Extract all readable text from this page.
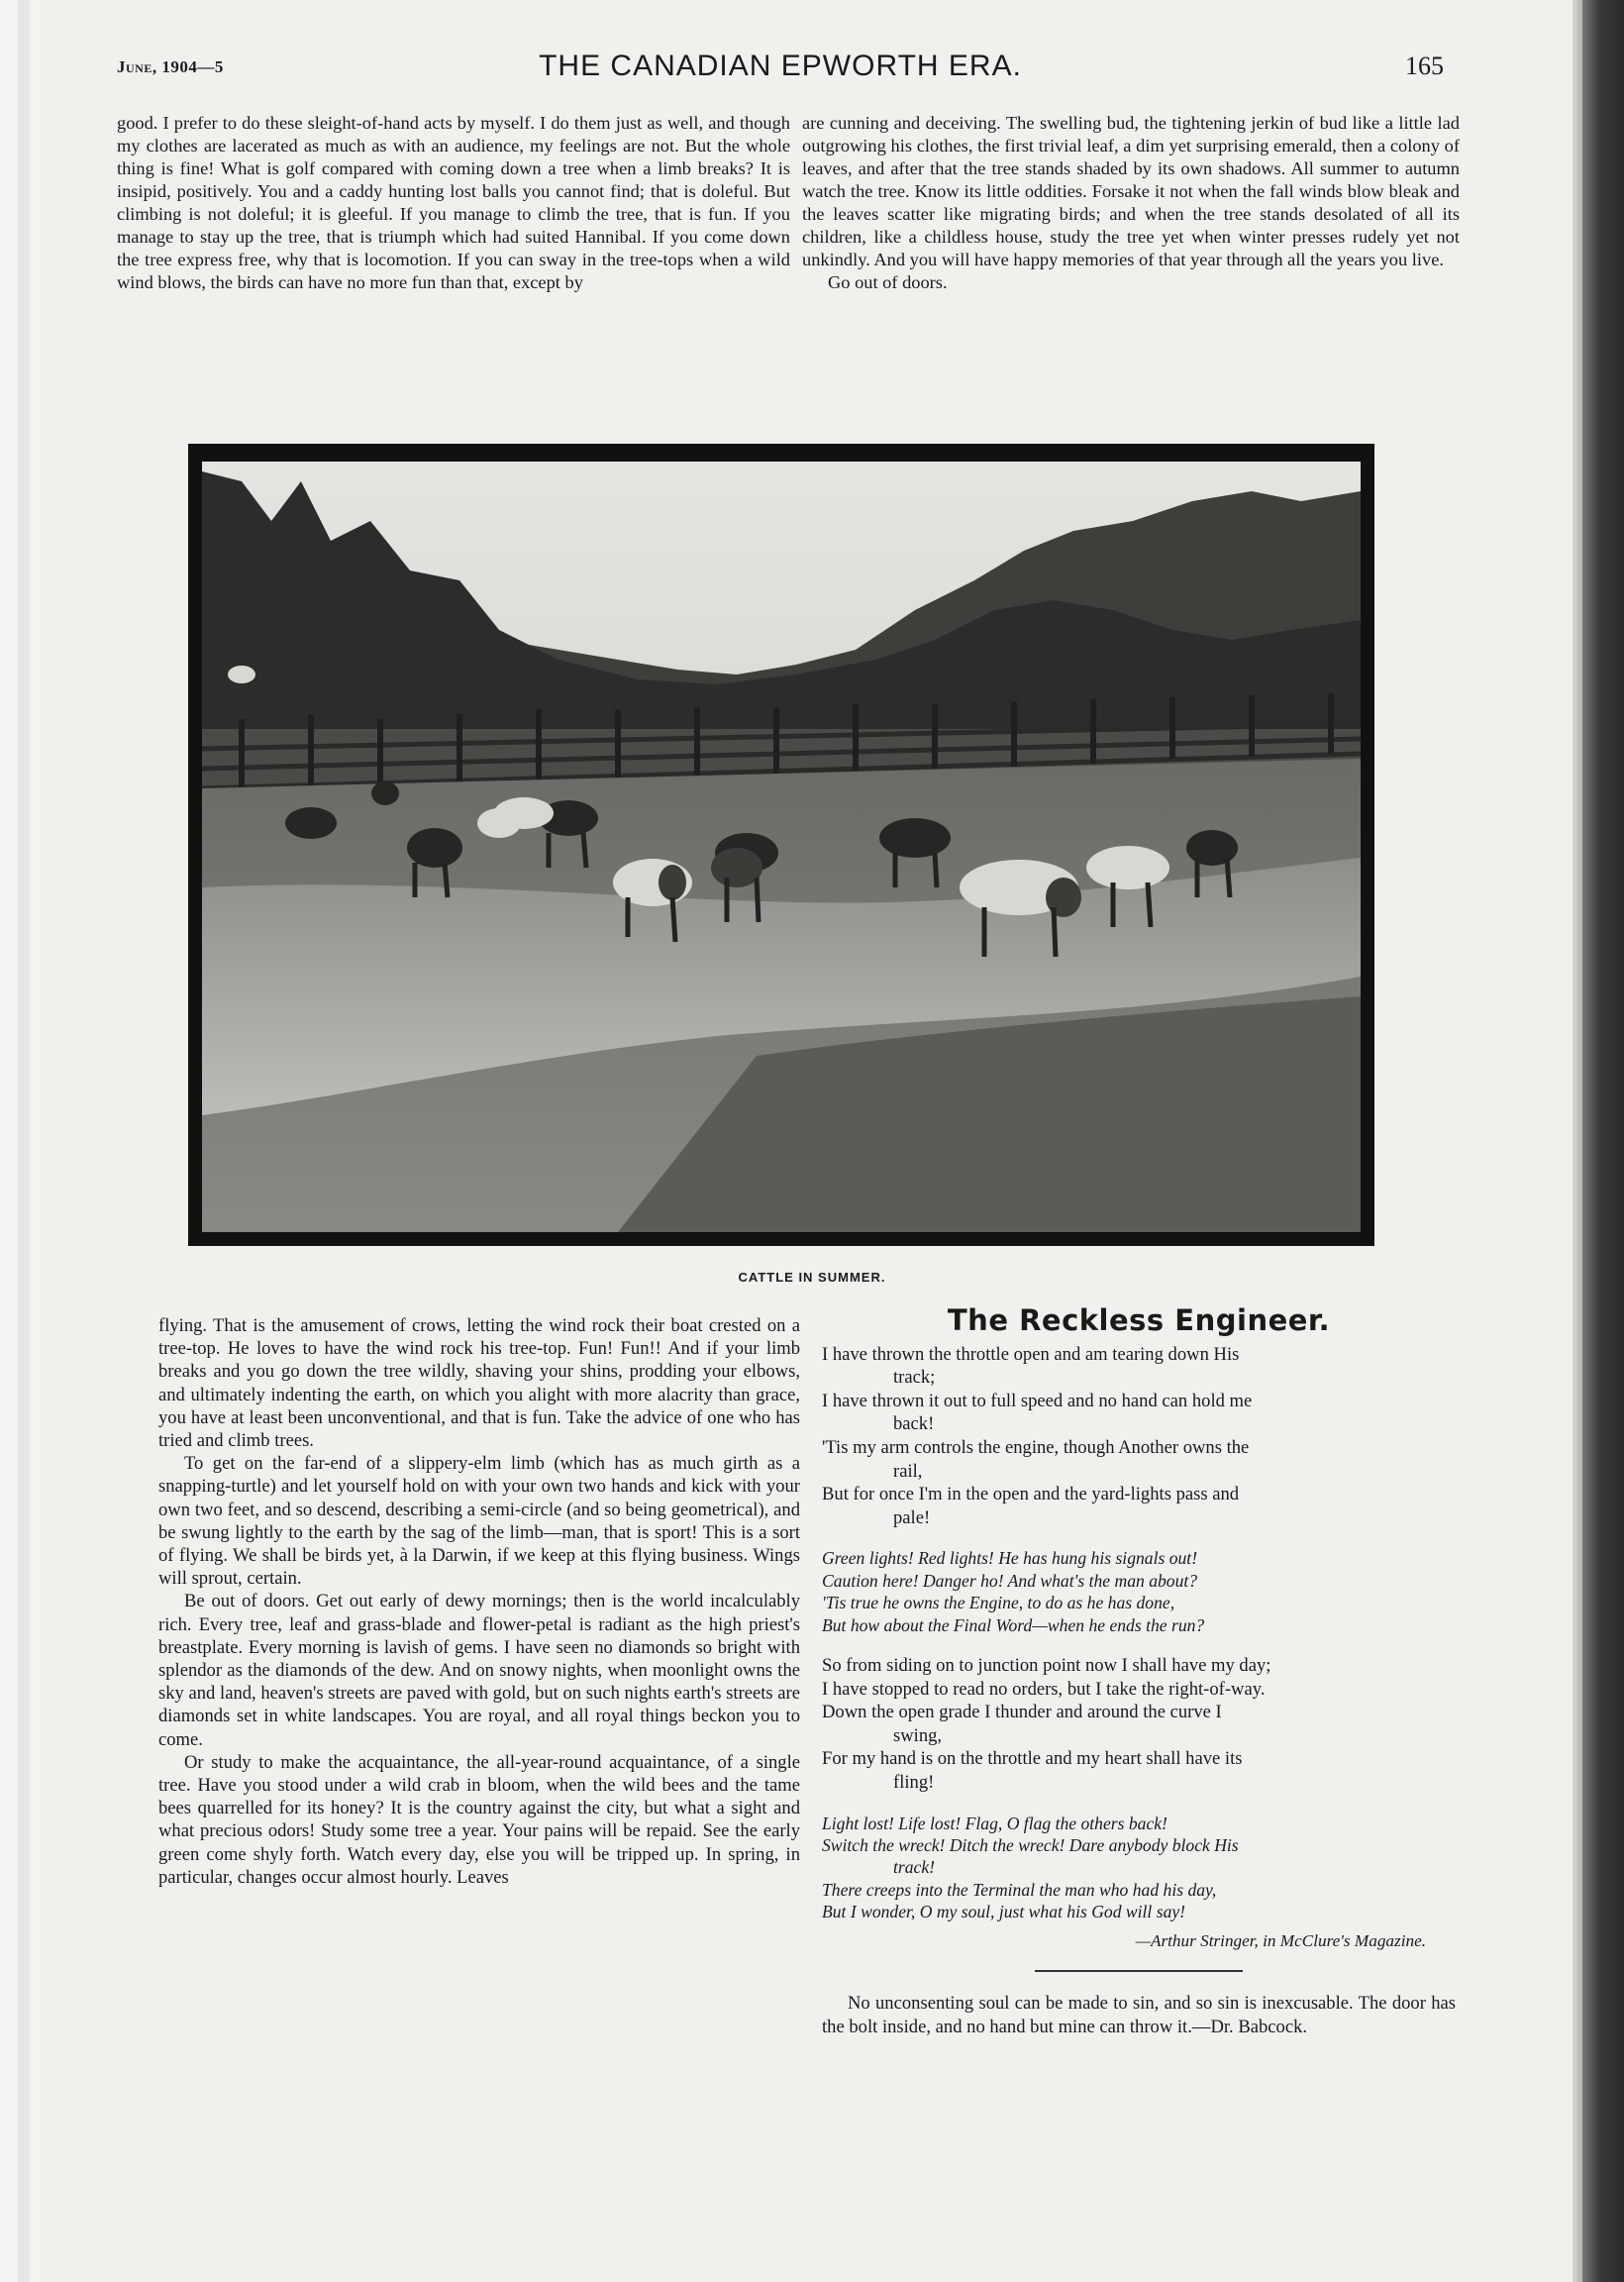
June, 1904—5	THE CANADIAN EPWORTH ERA.	165

good. I prefer to do these sleight-of-hand acts by myself. I do them just as well, and though my clothes are lacerated as much as with an audience, my feelings are not. But the whole thing is fine! What is golf compared with coming down a tree when a limb breaks? It is insipid, positively. You and a caddy hunting lost balls you cannot find; that is doleful. But climbing is not doleful; it is gleeful. If you manage to climb the tree, that is fun. If you manage to stay up the tree, that is triumph which had suited Hannibal. If you come down the tree express free, why that is locomotion. If you can sway in the tree-tops when a wild wind blows, the birds can have no more fun than that, except by

are cunning and deceiving. The swelling bud, the tightening jerkin of bud like a little lad outgrowing his clothes, the first trivial leaf, a dim yet surprising emerald, then a colony of leaves, and after that the tree stands shaded by its own shadows. All summer to autumn watch the tree. Know its little oddities. Forsake it not when the fall winds blow bleak and the leaves scatter like migrating birds; and when the tree stands desolated of all its children, like a childless house, study the tree yet when winter presses rudely yet not unkindly. And you will have happy memories of that year through all the years you live.

Go out of doors.

CATTLE IN SUMMER.

flying. That is the amusement of crows, letting the wind rock their boat crested on a tree-top. He loves to have the wind rock his tree-top. Fun! Fun!! And if your limb breaks and you go down the tree wildly, shaving your shins, prodding your elbows, and ultimately indenting the earth, on which you alight with more alacrity than grace, you have at least been unconventional, and that is fun. Take the advice of one who has tried and climb trees.

To get on the far-end of a slippery-elm limb (which has as much girth as a snapping-turtle) and let yourself hold on with your own two hands and kick with your own two feet, and so descend, describing a semi-circle (and so being geometrical), and be swung lightly to the earth by the sag of the limb—man, that is sport! This is a sort of flying. We shall be birds yet, à la Darwin, if we keep at this flying business. Wings will sprout, certain.

Be out of doors. Get out early of dewy mornings; then is the world incalculably rich. Every tree, leaf and grass-blade and flower-petal is radiant as the high priest's breastplate. Every morning is lavish of gems. I have seen no diamonds so bright with splendor as the diamonds of the dew. And on snowy nights, when moonlight owns the sky and land, heaven's streets are paved with gold, but on such nights earth's streets are diamonds set in white landscapes. You are royal, and all royal things beckon you to come.

Or study to make the acquaintance, the all-year-round acquaintance, of a single tree. Have you stood under a wild crab in bloom, when the wild bees and the tame bees quarrelled for its honey? It is the country against the city, but what a sight and what precious odors! Study some tree a year. Your pains will be repaid. See the early green come shyly forth. Watch every day, else you will be tripped up. In spring, in particular, changes occur almost hourly. Leaves

The Reckless Engineer.
I have thrown the throttle open and am tearing down His
track;
I have thrown it out to full speed and no hand can hold me
back!
'Tis my arm controls the engine, though Another owns the
rail,
But for once I'm in the open and the yard-lights pass and
pale!
Green lights! Red lights! He has hung his signals out!
Caution here! Danger ho! And what's the man about?
'Tis true he owns the Engine, to do as he has done,
But how about the Final Word—when he ends the run?
So from siding on to junction point now I shall have my day;
I have stopped to read no orders, but I take the right-of-way.
Down the open grade I thunder and around the curve I
swing,
For my hand is on the throttle and my heart shall have its
fling!
Light lost! Life lost! Flag, O flag the others back!
Switch the wreck! Ditch the wreck! Dare anybody block His
track!
There creeps into the Terminal the man who had his day,
But I wonder, O my soul, just what his God will say!
—Arthur Stringer, in McClure's Magazine.

No unconsenting soul can be made to sin, and so sin is inexcusable. The door has the bolt inside, and no hand but mine can throw it.—Dr. Babcock.
